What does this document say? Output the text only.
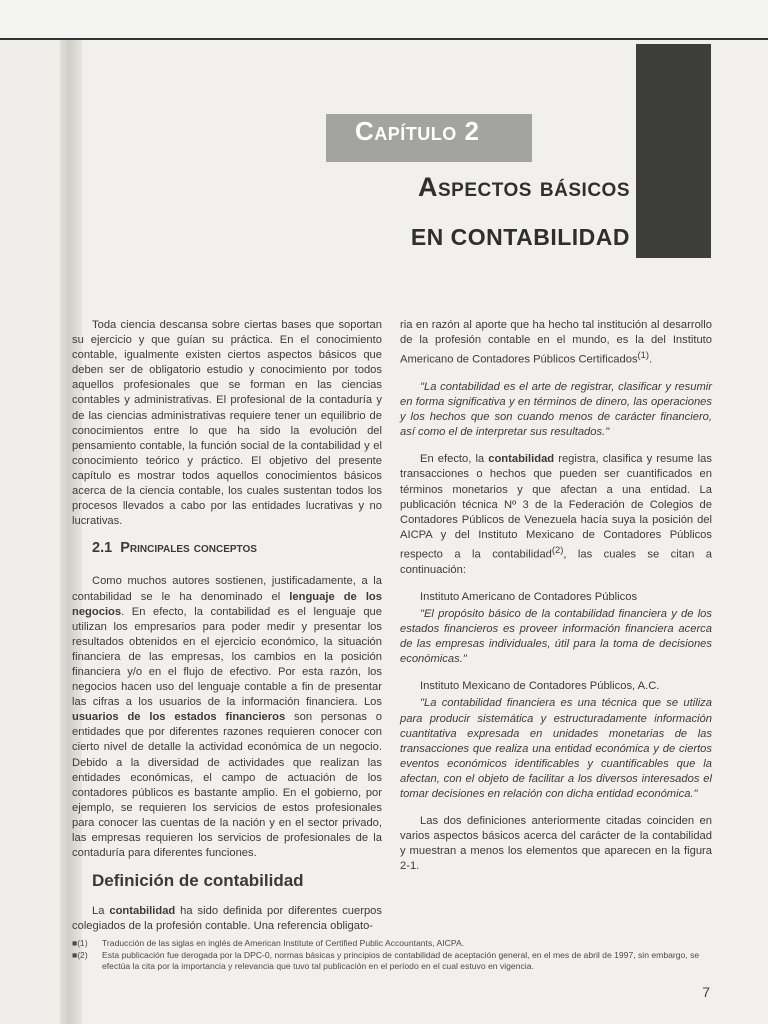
Capítulo 2
Aspectos básicos
EN CONTABILIDAD

Toda ciencia descansa sobre ciertas bases que soportan su ejercicio y que guían su práctica. En el conocimiento contable, igualmente existen ciertos aspectos básicos que deben ser de obligatorio estudio y conocimiento por todos aquellos profesionales que se forman en las ciencias contables y administrativas. El profesional de la contaduría y de las ciencias administrativas requiere tener un equilibrio de conocimientos entre lo que ha sido la evolución del pensamiento contable, la función social de la contabilidad y el conocimiento teórico y práctico. El objetivo del presente capítulo es mostrar todos aquellos conocimientos básicos acerca de la ciencia contable, los cuales sustentan todos los procesos llevados a cabo por las entidades lucrativas y no lucrativas.

2.1 Principales conceptos

Como muchos autores sostienen, justificadamente, a la contabilidad se le ha denominado el lenguaje de los negocios. En efecto, la contabilidad es el lenguaje que utilizan los empresarios para poder medir y presentar los resultados obtenidos en el ejercicio económico, la situación financiera de las empresas, los cambios en la posición financiera y/o en el flujo de efectivo. Por esta razón, los negocios hacen uso del lenguaje contable a fin de presentar las cifras a los usuarios de la información financiera. Los usuarios de los estados financieros son personas o entidades que por diferentes razones requieren conocer con cierto nivel de detalle la actividad económica de un negocio. Debido a la diversidad de actividades que realizan las entidades económicas, el campo de actuación de los contadores públicos es bastante amplio. En el gobierno, por ejemplo, se requieren los servicios de estos profesionales para conocer las cuentas de la nación y en el sector privado, las empresas requieren los servicios de profesionales de la contaduría para diferentes funciones.

Definición de contabilidad

La contabilidad ha sido definida por diferentes cuerpos colegiados de la profesión contable. Una referencia obligato-

ria en razón al aporte que ha hecho tal institución al desarrollo de la profesión contable en el mundo, es la del Instituto Americano de Contadores Públicos Certificados$^{(1)}$.

"La contabilidad es el arte de registrar, clasificar y resumir en forma significativa y en términos de dinero, las operaciones y los hechos que son cuando menos de carácter financiero, así como el de interpretar sus resultados."

En efecto, la contabilidad registra, clasifica y resume las transacciones o hechos que pueden ser cuantificados en términos monetarios y que afectan a una entidad. La publicación técnica Nº 3 de la Federación de Colegios de Contadores Públicos de Venezuela hacía suya la posición del AICPA y del Instituto Mexicano de Contadores Públicos respecto a la contabilidad$^{(2)}$, las cuales se citan a continuación:

Instituto Americano de Contadores Públicos

"El propósito básico de la contabilidad financiera y de los estados financieros es proveer información financiera acerca de las empresas individuales, útil para la toma de decisiones económicas."

Instituto Mexicano de Contadores Públicos, A.C.

"La contabilidad financiera es una técnica que se utiliza para producir sistemática y estructuradamente información cuantitativa expresada en unidades monetarias de las transacciones que realiza una entidad económica y de ciertos eventos económicos identificables y cuantificables que la afectan, con el objeto de facilitar a los diversos interesados el tomar decisiones en relación con dicha entidad económica."

Las dos definiciones anteriormente citadas coinciden en varios aspectos básicos acerca del carácter de la contabilidad y muestran a menos los elementos que aparecen en la figura 2-1.

■(1)	Traducción de las siglas en inglés de American Institute of Certified Public Accountants, AICPA.
■(2)	Esta publicación fue derogada por la DPC-0, normas básicas y principios de contabilidad de aceptación general, en el mes de abril de 1997, sin embargo, se efectúa la cita por la importancia y relevancia que tuvo tal publicación en el período en el cual estuvo en vigencia.
7
